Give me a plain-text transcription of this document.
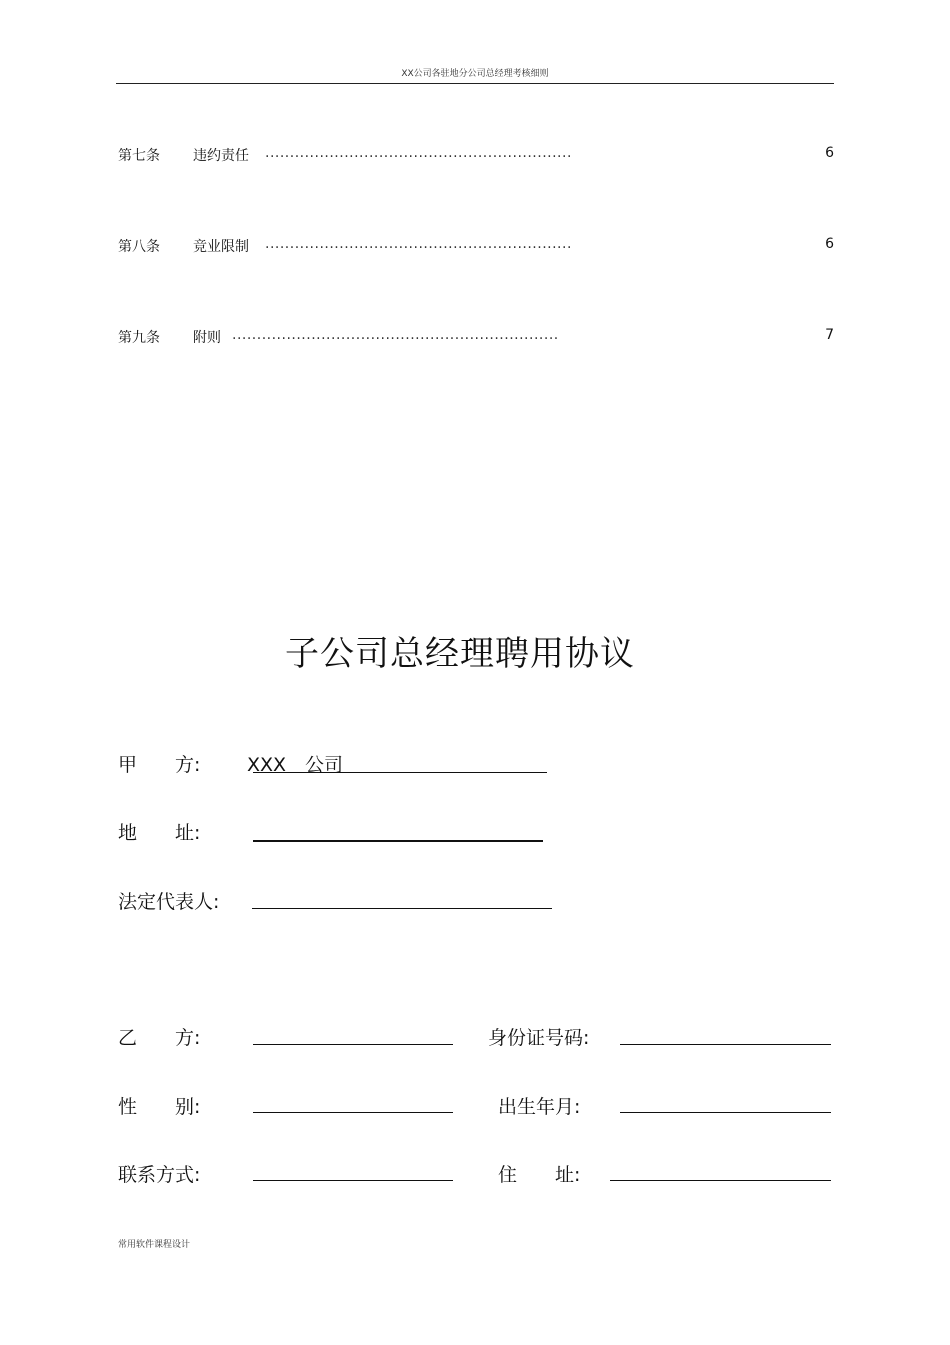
XX公司各驻地分公司总经理考核细则
第七条 违约责任 ..............................................................	6
第八条 竞业限制 ..............................................................	6
第九条 附则 ..................................................................	7
子公司总经理聘用协议
甲　　方: XXX　公司
地　　址:
法定代表人:
乙　　方:	身份证号码:
性　　别:	出生年月:
联系方式:	住　　址:
常用软件课程设计
